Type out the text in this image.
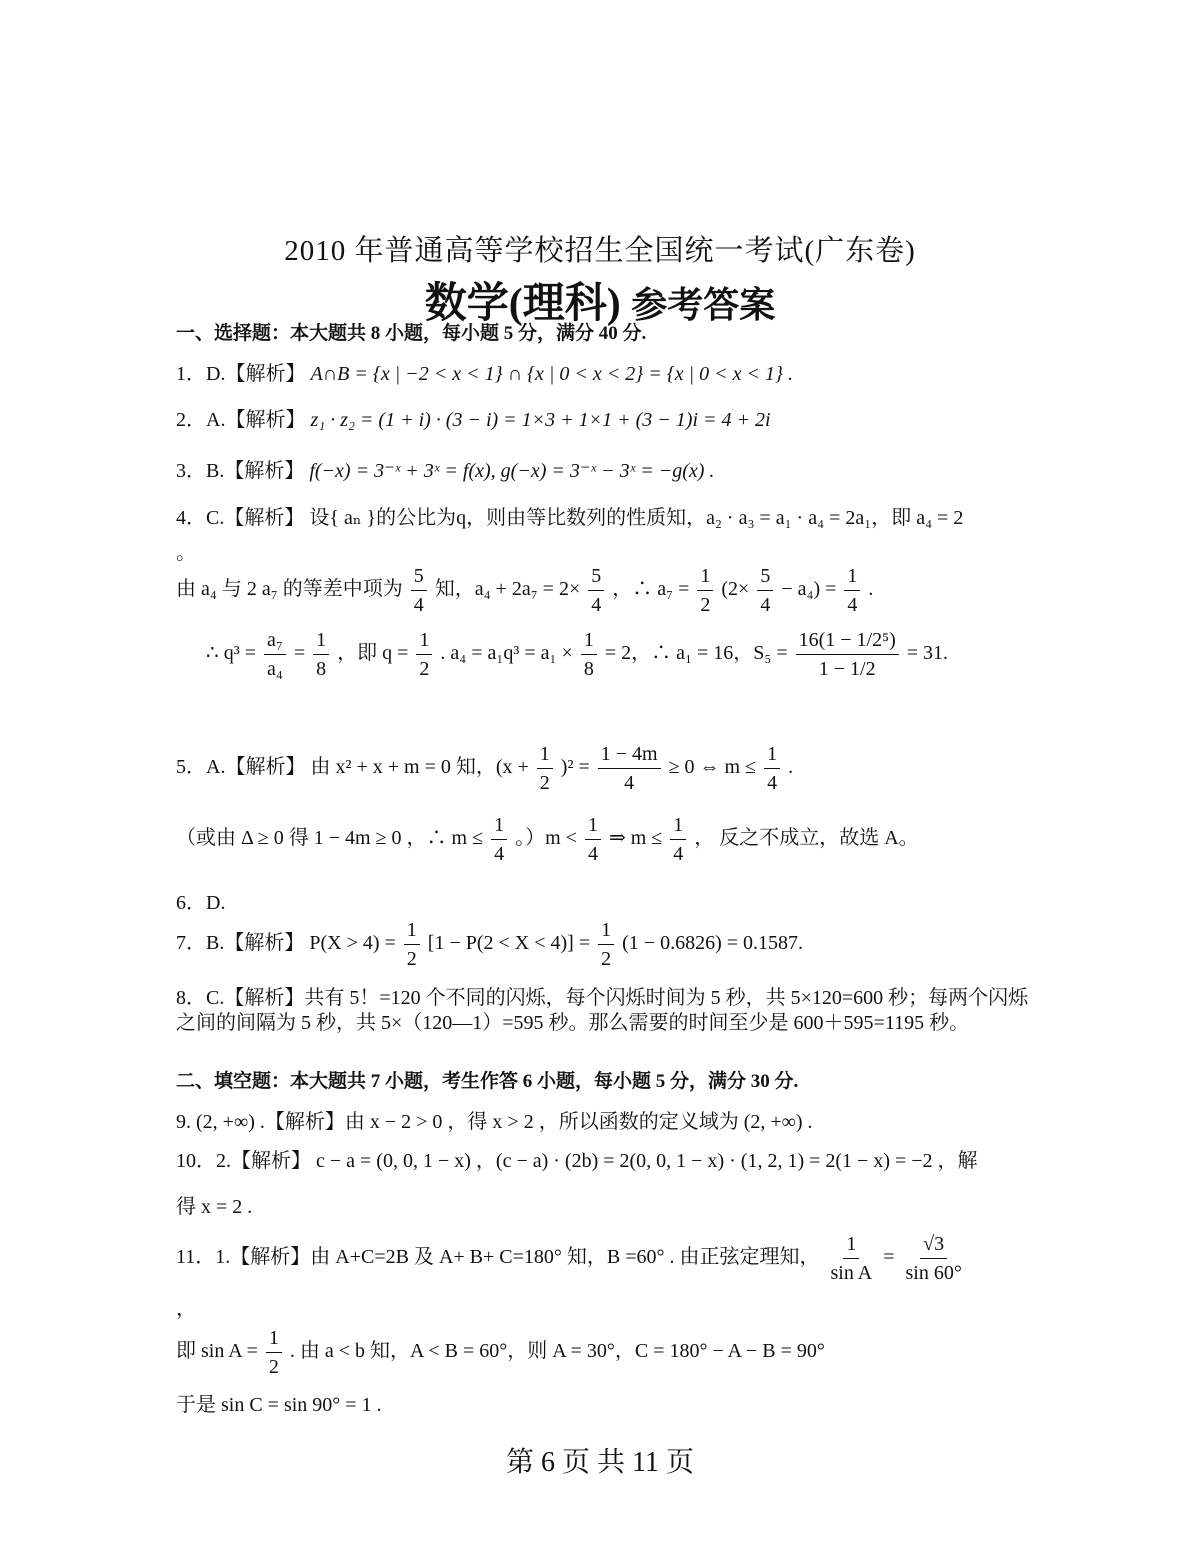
2010 年普通高等学校招生全国统一考试(广东卷)
数学(理科) 参考答案
一、选择题：本大题共 8 小题，每小题 5 分，满分 40 分.
1．D.【解析】 A∩B = {x | −2 < x < 1} ∩ {x | 0 < x < 2} = {x | 0 < x < 1} .
2．A.【解析】 z₁ · z₂ = (1 + i) · (3 − i) = 1×3 + 1×1 + (3 − 1)i = 4 + 2i
3．B.【解析】 f(−x) = 3⁻ˣ + 3ˣ = f(x), g(−x) = 3⁻ˣ − 3ˣ = −g(x) .
4．C.【解析】 设{ aₙ }的公比为q，则由等比数列的性质知，a₂ · a₃ = a₁ · a₄ = 2a₁，即 a₄ = 2
。
由 a₄ 与 2 a₇ 的等差中项为 $\frac{5}{4}$ 知，$a_4 + 2a_7 = 2\times \frac{5}{4}$ ，∴ $a_7 = \frac{1}{2} (2\times \frac{5}{4} - a_4) = \frac{1}{4}$ .
∴ $q^3 = \frac{\text{a₇}}{\text{a₄}} = \frac{1}{8}$ ，即 $q = \frac{1}{2}$ . $a_4 = a_1q^3 = a_1 \times \frac{1}{8} = 2$，∴ a₁ = 16，$S_5 = \frac{\text{16(1 − 1/2⁵)}}{1 - 1/2} = 31$.
5．A.【解析】 由 x² + x + m = 0 知，$(x + \frac{1}{2} )^2 = \frac{1 - 4m}{4} \ge 0$ ⇔ $m \le \frac{1}{4}$ .
（或由 Δ ≥ 0 得 1 − 4m ≥ 0 ，∴ $m \le \frac{1}{4}$ 。）$m < \frac{1}{4}$ ⇒ $m \le \frac{1}{4}$ ， 反之不成立，故选 A。
6．D.
7．B.【解析】 $P(X > 4) = \frac{1}{2} [1 - P(2 < X < 4)] = \frac{1}{2} (1 - 0.6826) = 0.1587$.
8．C.【解析】共有 5！=120 个不同的闪烁，每个闪烁时间为 5 秒，共 5×120=600 秒；每两个闪烁之间的间隔为 5 秒，共 5×（120—1）=595 秒。那么需要的时间至少是 600＋595=1195 秒。
二、填空题：本大题共 7 小题，考生作答 6 小题，每小题 5 分，满分 30 分.
9. (2, +∞) .【解析】由 x − 2 > 0 ，得 x > 2 ，所以函数的定义域为 (2, +∞) .
10．2.【解析】 c − a = (0, 0, 1 − x) ，(c − a) · (2b) = 2(0, 0, 1 − x) · (1, 2, 1) = 2(1 − x) = −2 ，解
得 x = 2 .
11．1.【解析】由 A+C=2B 及 A+ B+ C=180° 知，B =60° . 由正弦定理知， $\frac{1}{\text{sin A}} = \frac{√3}{\sin 60^\circ}$
，
即 $\sin A = \frac{1}{2}$ . 由 a < b 知，A < B = 60°，则 A = 30°，C = 180° − A − B = 90°
于是 sin C = sin 90° = 1 .
第 6 页 共 11 页
